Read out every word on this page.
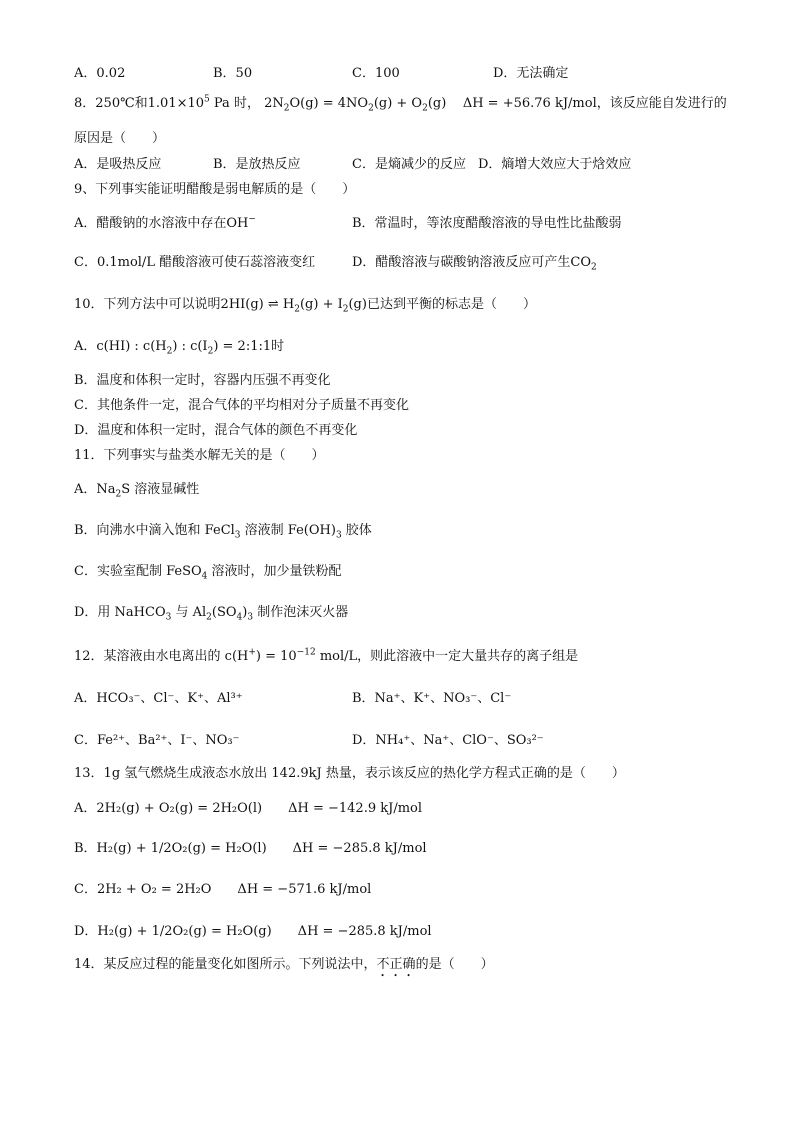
A．0.02	B．50	C．100	D．无法确定
8．250℃和$1.01\times 10^5$ Pa 时， $2N_2O(g) = 4NO_2(g) + O_2(g) \Delta H = +56.76$ kJ/mol，该反应能自发进行的
原因是（　　）
A．是吸热反应	B．是放热反应	C．是熵减少的反应 D．熵增大效应大于焓效应
9、下列事实能证明醋酸是弱电解质的是（　　）
A．醋酸钠的水溶液中存在OH−	B．常温时，等浓度醋酸溶液的导电性比盐酸弱
C．0.1mol/L 醋酸溶液可使石蕊溶液变红	D．醋酸溶液与碳酸钠溶液反应可产生$CO_2$
10．下列方法中可以说明2HI(g) ⇌ $H_2(g) + I_2(g)$已达到平衡的标志是（　　）
A．c(HI) : $c(H_2)$ : $c(I_2)$ = 2:1:1时
B．温度和体积一定时，容器内压强不再变化
C．其他条件一定，混合气体的平均相对分子质量不再变化
D．温度和体积一定时，混合气体的颜色不再变化
11．下列事实与盐类水解无关的是（　　）
A．$Na_2S$ 溶液显碱性
B．向沸水中滴入饱和 FeCl$_3$ 溶液制 $Fe(OH)_3$ 胶体
C．实验室配制 FeSO$_4$ 溶液时，加少量铁粉配
D．用 NaHCO$_3$ 与 $Al_2(SO_4)_3$ 制作泡沫灭火器
12．某溶液由水电离出的 $c(H^+) = 10^{-12}$ mol/L，则此溶液中一定大量共存的离子组是
A．HCO₃⁻、Cl⁻、K⁺、Al³⁺	B．Na⁺、K⁺、NO₃⁻、Cl⁻
C．Fe²⁺、Ba²⁺、I⁻、NO₃⁻	D．NH₄⁺、Na⁺、ClO⁻、SO₃²⁻
13．1g 氢气燃烧生成液态水放出 142.9kJ 热量，表示该反应的热化学方程式正确的是（　　）
A．2H₂(g) + O₂(g) = 2H₂O(l)　　ΔH = −142.9 kJ/mol
B．H₂(g) + 1/2O₂(g) = H₂O(l)　　ΔH = −285.8 kJ/mol
C．2H₂ + O₂ = 2H₂O　　ΔH = −571.6 kJ/mol
D．H₂(g) + 1/2O₂(g) = H₂O(g)　　ΔH = −285.8 kJ/mol
14．某反应过程的能量变化如图所示。下列说法中，不正确的是（　　）
